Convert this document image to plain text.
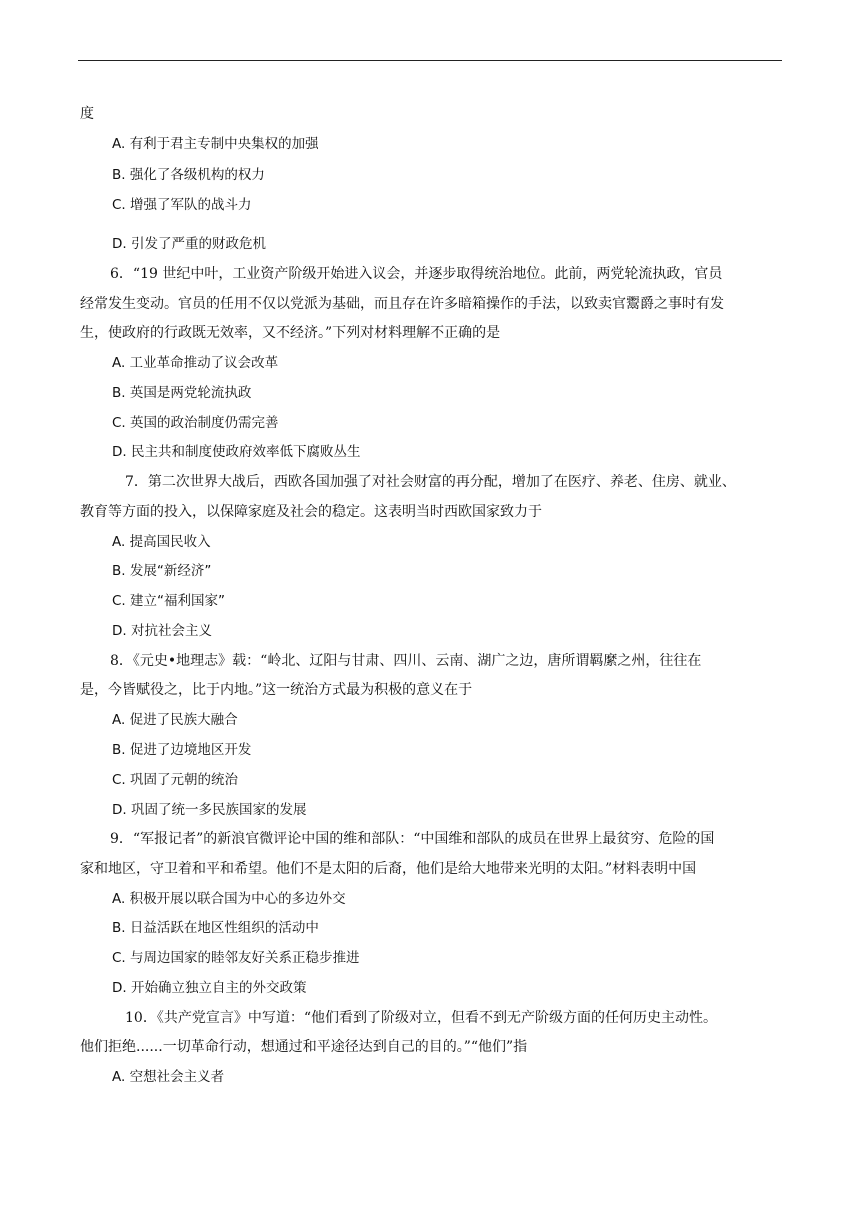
度
A. 有利于君主专制中央集权的加强
B. 强化了各级机构的权力
C. 增强了军队的战斗力
D. 引发了严重的财政危机
6．“19 世纪中叶，工业资产阶级开始进入议会，并逐步取得统治地位。此前，两党轮流执政，官员
经常发生变动。官员的任用不仅以党派为基础，而且存在许多暗箱操作的手法，以致卖官鬻爵之事时有发
生，使政府的行政既无效率，又不经济。”下列对材料理解不正确的是
A. 工业革命推动了议会改革
B. 英国是两党轮流执政
C. 英国的政治制度仍需完善
D. 民主共和制度使政府效率低下腐败丛生
7．第二次世界大战后，西欧各国加强了对社会财富的再分配，增加了在医疗、养老、住房、就业、
教育等方面的投入，以保障家庭及社会的稳定。这表明当时西欧国家致力于
A. 提高国民收入
B. 发展“新经济”
C. 建立“福利国家”
D. 对抗社会主义
8．《元史•地理志》载：“岭北、辽阳与甘肃、四川、云南、湖广之边，唐所谓羁縻之州，往往在
是，今皆赋役之，比于内地。”这一统治方式最为积极的意义在于
A. 促进了民族大融合
B. 促进了边境地区开发
C. 巩固了元朝的统治
D. 巩固了统一多民族国家的发展
9．“军报记者”的新浪官微评论中国的维和部队：“中国维和部队的成员在世界上最贫穷、危险的国
家和地区，守卫着和平和希望。他们不是太阳的后裔，他们是给大地带来光明的太阳。”材料表明中国
A. 积极开展以联合国为中心的多边外交
B. 日益活跃在地区性组织的活动中
C. 与周边国家的睦邻友好关系正稳步推进
D. 开始确立独立自主的外交政策
10．《共产党宣言》中写道：“他们看到了阶级对立，但看不到无产阶级方面的任何历史主动性。
他们拒绝......一切革命行动，想通过和平途径达到自己的目的。”“他们”指
A. 空想社会主义者
